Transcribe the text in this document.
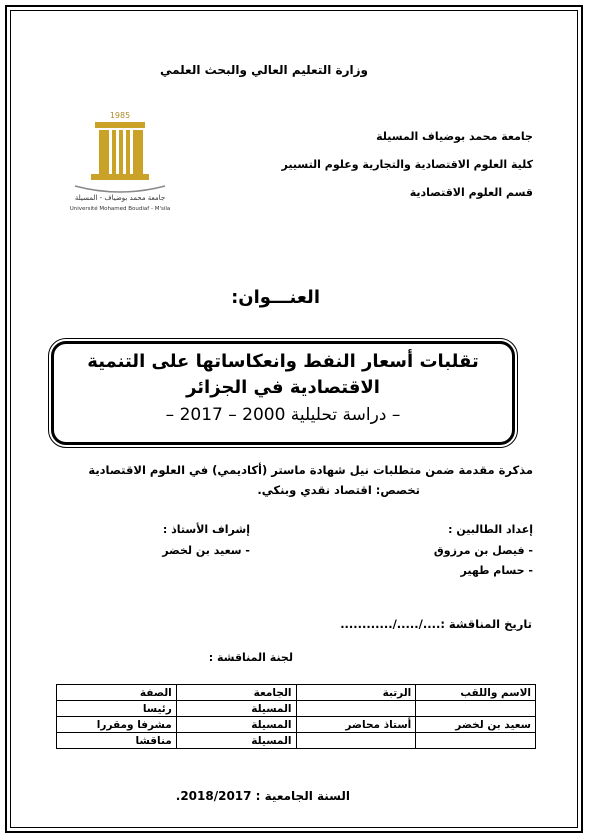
وزارة التعليم العالي والبحث العلمي
جامعة محمد بوضياف المسيلة
كلية العلوم الاقتصادية والتجارية وعلوم التسيير
قسم العلوم الاقتصادية
1985
جامعة محمد بوضياف - المسيلة
Université Mohamed Boudiaf - M'sila
العنـــوان:
تقلبات أسعار النفط وانعكاساتها على التنمية
الاقتصادية في الجزائر
– دراسة تحليلية 2000 – 2017 –
مذكرة مقدمة ضمن متطلبات نيل شهادة ماستر (أكاديمي) في العلوم الاقتصادية
تخصص: اقتصاد نقدي وبنكي.
إعداد الطالبين :
- فيصل بن مرزوق
- حسام طهير
إشراف الأستاذ :
- سعيد بن لخضر
تاريخ المناقشة :..../...../............
لجنة المناقشة :
الاسم واللقب	الرتبة	الجامعة	الصفة
		المسيلة	رئيسا
سعيد بن لخضر	أستاذ محاضر	المسيلة	مشرفا ومقررا
		المسيلة	مناقشا
السنة الجامعية : 2018/2017.
